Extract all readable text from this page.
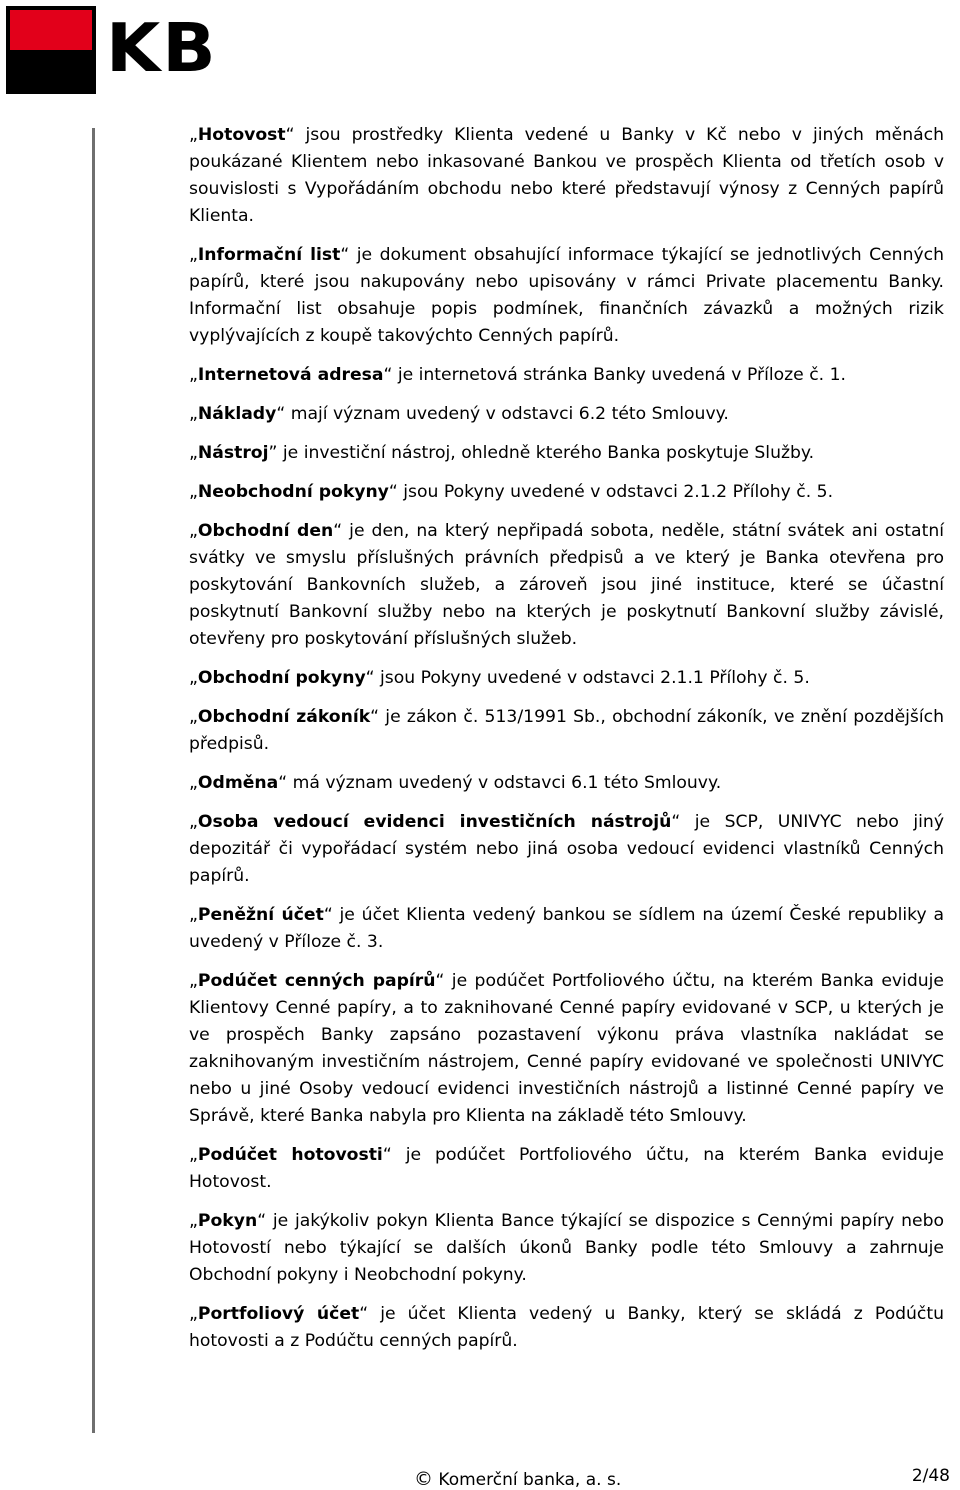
KB

„Hotovost“ jsou prostředky Klienta vedené u Banky v Kč nebo v jiných měnách poukázané Klientem nebo inkasované Bankou ve prospěch Klienta od třetích osob v souvislosti s Vypořádáním obchodu nebo které představují výnosy z Cenných papírů Klienta.

„Informační list“ je dokument obsahující informace týkající se jednotlivých Cenných papírů, které jsou nakupovány nebo upisovány v rámci Private placementu Banky. Informační list obsahuje popis podmínek, finančních závazků a možných rizik vyplývajících z koupě takovýchto Cenných papírů.

„Internetová adresa“ je internetová stránka Banky uvedená v Příloze č. 1.

„Náklady“ mají význam uvedený v odstavci 6.2 této Smlouvy.

„Nástroj” je investiční nástroj, ohledně kterého Banka poskytuje Služby.

„Neobchodní pokyny“ jsou Pokyny uvedené v odstavci 2.1.2 Přílohy č. 5.

„Obchodní den“ je den, na který nepřipadá sobota, neděle, státní svátek ani ostatní svátky ve smyslu příslušných právních předpisů a ve který je Banka otevřena pro poskytování Bankovních služeb, a zároveň jsou jiné instituce, které se účastní poskytnutí Bankovní služby nebo na kterých je poskytnutí Bankovní služby závislé, otevřeny pro poskytování příslušných služeb.

„Obchodní pokyny“ jsou Pokyny uvedené v odstavci 2.1.1 Přílohy č. 5.

„Obchodní zákoník“ je zákon č. 513/1991 Sb., obchodní zákoník, ve znění pozdějších předpisů.

„Odměna“ má význam uvedený v odstavci 6.1 této Smlouvy.

„Osoba vedoucí evidenci investičních nástrojů“ je SCP, UNIVYC nebo jiný depozitář či vypořádací systém nebo jiná osoba vedoucí evidenci vlastníků Cenných papírů.

„Peněžní účet“ je účet Klienta vedený bankou se sídlem na území České republiky a uvedený v Příloze č. 3.

„Podúčet cenných papírů“ je podúčet Portfoliového účtu, na kterém Banka eviduje Klientovy Cenné papíry, a to zaknihované Cenné papíry evidované v SCP, u kterých je ve prospěch Banky zapsáno pozastavení výkonu práva vlastníka nakládat se zaknihovaným investičním nástrojem, Cenné papíry evidované ve společnosti UNIVYC nebo u jiné Osoby vedoucí evidenci investičních nástrojů a listinné Cenné papíry ve Správě, které Banka nabyla pro Klienta na základě této Smlouvy.

„Podúčet hotovosti“ je podúčet Portfoliového účtu, na kterém Banka eviduje Hotovost.

„Pokyn“ je jakýkoliv pokyn Klienta Bance týkající se dispozice s Cennými papíry nebo Hotovostí nebo týkající se dalších úkonů Banky podle této Smlouvy a zahrnuje Obchodní pokyny i Neobchodní pokyny.

„Portfoliový účet“ je účet Klienta vedený u Banky, který se skládá z Podúčtu hotovosti a z Podúčtu cenných papírů.

© Komerční banka, a. s.	2/48
